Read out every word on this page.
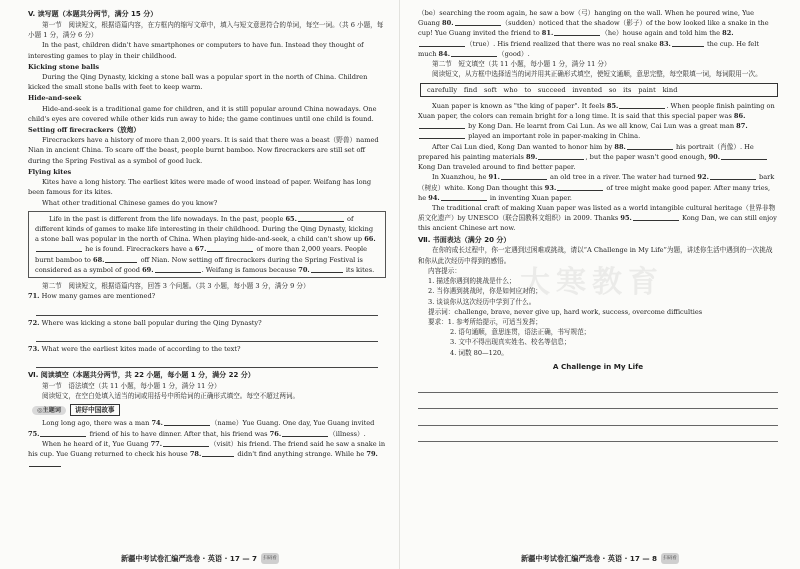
V. 读写题（本题共分两节，满分 15 分）

第一节　阅读短文，根据语篇内容，在方框内的缩写文章中，填入与短文意思符合的单词，每空一词。（共 6 小题，每小题 1 分，满分 6 分）

In the past, children didn't have smartphones or computers to have fun. Instead they thought of interesting games to play in their childhood.

Kicking stone balls

During the Qing Dynasty, kicking a stone ball was a popular sport in the north of China. Children kicked the small stone balls with feet to keep warm.

Hide-and-seek

Hide-and-seek is a traditional game for children, and it is still popular around China nowadays. One child's eyes are covered while other kids run away to hide; the game continues until one child is found.

Setting off firecrackers（放炮）

Firecrackers have a history of more than 2,000 years. It is said that there was a beast（野兽）named Nian in ancient China. To scare off the beast, people burnt bamboo. Now firecrackers are still set off during the Spring Festival as a symbol of good luck.

Flying kites

Kites have a long history. The earliest kites were made of wood instead of paper. Weifang has long been famous for its kites.

What other traditional Chinese games do you know?

Life in the past is different from the life nowadays. In the past, people 65.	of different kinds of games to make life interesting in their childhood. During the Qing Dynasty, kicking a stone ball was popular in the north of China. When playing hide-and-seek, a child can't show up 66. he is found. Firecrackers have a 67.	of more than 2,000 years. People burnt bamboo to 68.	off Nian. Now setting off firecrackers during the Spring Festival is considered as a symbol of good 69.	. Weifang is famous because 70.	its kites.

第二节　阅读短文，根据语篇内容，回答 3 个问题。（共 3 小题，每小题 3 分，满分 9 分）

71. How many games are mentioned?

72. Where was kicking a stone ball popular during the Qing Dynasty?

73. What were the earliest kites made of according to the text?

Ⅵ. 阅读填空（本题共分两节，共 22 小题，每小题 1 分，满分 22 分）

第一节　语法填空（共 11 小题，每小题 1 分，满分 11 分）

阅读短文，在空白处填入适当的词或用括号中所给词的正确形式填空。每空不超过两词。

◎主题词	讲好中国故事

Long long ago, there was a man 74.	（name）Yue Guang. One day, Yue Guang invited 75.	friend of his to have dinner. After that, his friend was 76.	（illness）.

When he heard of it, Yue Guang 77.	（visit）his friend. The friend said he saw a snake in his cup. Yue Guang returned to check his house 78.	didn't find anything strange. While he 79.

新疆中考试卷汇编严选卷 · 英语 · 17 — 7	扫码看
大寒教育

（be）searching the room again, he saw a bow（弓）hanging on the wall. When he poured wine, Yue Guang 80.	（sudden）noticed that the shadow（影子）of the bow looked like a snake in the cup! Yue Guang invited the friend to 81.	（he）house again and told him the 82.（true）. His friend realized that there was no real snake 83.	the cup. He felt much 84.	（good）.

第二节　短文填空（共 11 小题，每小题 1 分，满分 11 分）

阅读短文，从方框中选择适当的词并用其正确形式填空，使短文通顺，意思完整，每空限填一词，每词限用一次。

carefully　find　soft　who　to　succeed　invented　so　its　paint　kind

Xuan paper is known as "the king of paper". It feels 85.	. When people finish painting on Xuan paper, the colors can remain bright for a long time. It is said that this special paper was 86. by Kong Dan. He learnt from Cai Lun. As we all know, Cai Lun was a great man 87. played an important role in paper-making in China.

After Cai Lun died, Kong Dan wanted to honor him by 88.	his portrait（肖像）. He prepared his painting materials 89.	, but the paper wasn't good enough, 90. Kong Dan traveled around to find better paper.

In Xuanzhou, he 91.	an old tree in a river. The water had turned 92.	bark（树皮）white. Kong Dan thought this 93.	of tree might make good paper. After many tries, he 94.	in inventing Xuan paper.

The traditional craft of making Xuan paper was listed as a world intangible cultural heritage（世界非物质文化遗产）by UNESCO（联合国教科文组织）in 2009. Thanks 95.	Kong Dan, we can still enjoy this ancient Chinese art now.

Ⅶ. 书面表达（满分 20 分）

在你的成长过程中，你一定遇到过困难或挑战，请以“A Challenge in My Life”为题，讲述你生活中遇到的一次挑战和你从此次经历中得到的感悟。

内容提示：

1. 描述你遇到的挑战是什么；

2. 当你遇到挑战时，你是如何应对的；

3. 谈谈你从这次经历中学到了什么。

提示词：challenge, brave, never give up, hard work, success, overcome difficulties

要求：1. 参考所给提示，可适当发挥；

2. 语句通顺，意思连贯，语法正确，书写规范；

3. 文中不得出现真实姓名、校名等信息；

4. 词数 80—120。

A Challenge in My Life

新疆中考试卷汇编严选卷 · 英语 · 17 — 8	扫码看
